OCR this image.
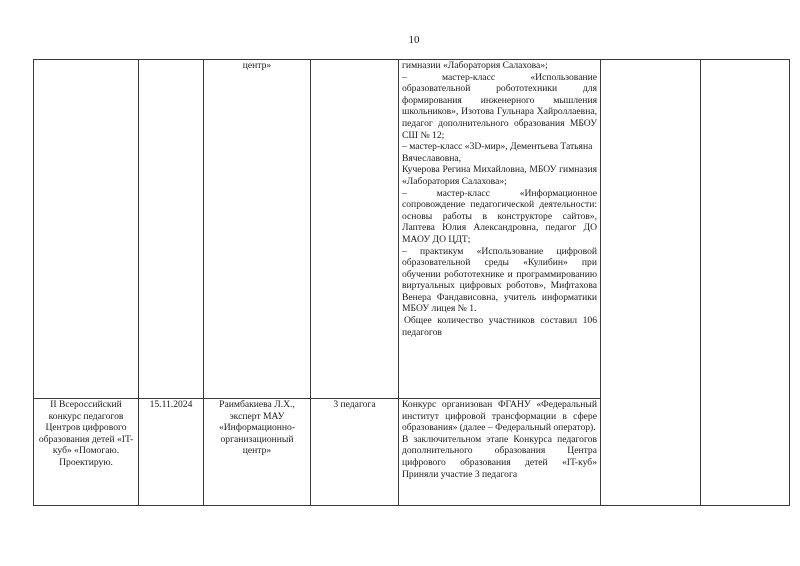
10
		центр»		гимназии «Лаборатория Салахова»;
– мастер-класс «Использование образовательной робототехники для формирования инженерного мышления школьников», Изотова Гульнара Хайроллаевна, педагог дополнительного образования МБОУ СШ № 12;
– мастер-класс «3D-мир», Дементьева Татьяна
Вячеславовна,
Кучерова Регина Михайловна, МБОУ гимназия «Лаборатория Салахова»;
– мастер-класс «Информационное сопровождение педагогической деятельности: основы работы в конструкторе сайтов», Лаптева Юлия Александровна, педагог ДО МАОУ ДО ЦДТ;
– практикум «Использование цифровой образовательной среды «Кулибин» при обучении робототехнике и программированию виртуальных цифровых роботов», Мифтахова Венера Фандависовна, учитель информатики МБОУ лицея № 1.
Общее количество участников составил 106 педагогов

II Всероссийский конкурс педагогов Центров цифрового образования детей «IT-куб» «Помогаю. Проектирую.	15.11.2024	Раимбакиева Л.Х., эксперт МАУ «Информационно-организационный центр»	3 педагога	Конкурс организован ФГАНУ «Федеральный институт цифровой трансформации в сфере образования» (далее – Федеральный оператор).
В заключительном этапе Конкурса педагогов дополнительного образования Центра цифрового образования детей «IT-куб» Приняли участие 3 педагога		
